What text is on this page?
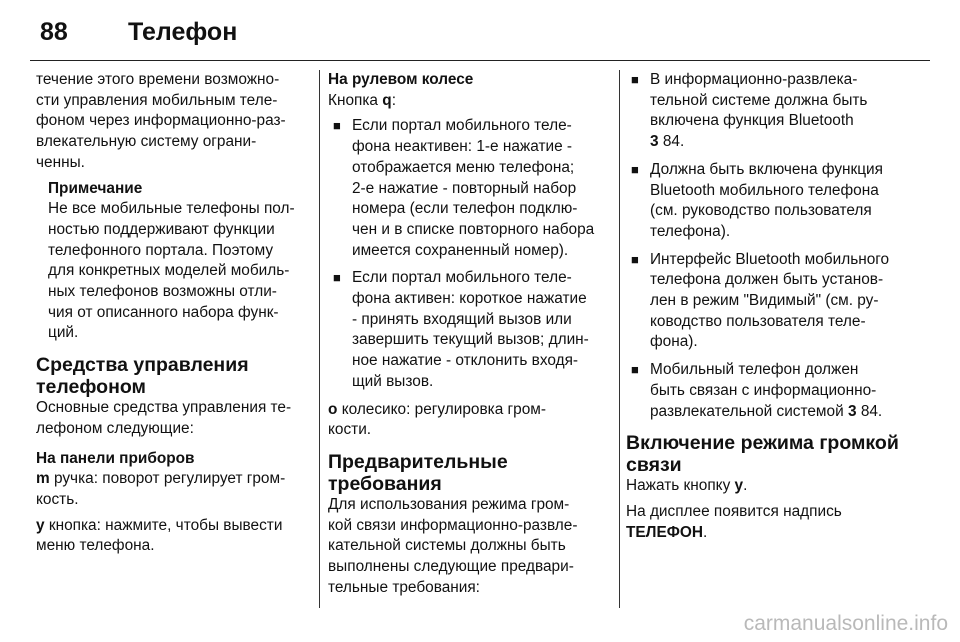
88 Телефон
течение этого времени возможно-
сти управления мобильным теле-
фоном через информационно-раз-
влекательную систему ограни-
ченны.
Примечание
Не все мобильные телефоны пол-
ностью поддерживают функции
телефонного портала. Поэтому
для конкретных моделей мобиль-
ных телефонов возможны отли-
чия от описанного набора функ-
ций.
Средства управления
телефоном
Основные средства управления те-
лефоном следующие:
На панели приборов
m ручка: поворот регулирует гром-
кость.
y кнопка: нажмите, чтобы вывести
меню телефона.
На рулевом колесе
Кнопка q:
■ Если портал мобильного теле-
фона неактивен: 1-е нажатие -
отображается меню телефона;
2-е нажатие - повторный набор
номера (если телефон подклю-
чен и в списке повторного набора
имеется сохраненный номер).
■ Если портал мобильного теле-
фона активен: короткое нажатие
- принять входящий вызов или
завершить текущий вызов; длин-
ное нажатие - отклонить входя-
щий вызов.
o колесико: регулировка гром-
кости.
Предварительные
требования
Для использования режима гром-
кой связи информационно-развле-
кательной системы должны быть
выполнены следующие предвари-
тельные требования:
■ В информационно-развлека-
тельной системе должна быть
включена функция Bluetooth
3 84.
■ Должна быть включена функция
Bluetooth мобильного телефона
(см. руководство пользователя
телефона).
■ Интерфейс Bluetooth мобильного
телефона должен быть установ-
лен в режим "Видимый" (см. ру-
ководство пользователя теле-
фона).
■ Мобильный телефон должен
быть связан с информационно-
развлекательной системой 3 84.
Включение режима громкой
связи
Нажать кнопку y.
На дисплее появится надпись
ТЕЛЕФОН.
carmanualsonline.info
